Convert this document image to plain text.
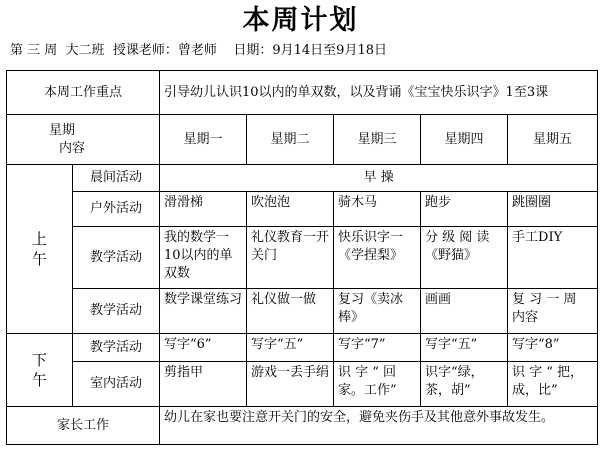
本周计划
第 三 周 大二班 授课老师：曾老师 日期：9月14日至9月18日
本周工作重点		引导幼儿认识10以内的单双数，以及背诵《宝宝快乐识字》1至3课				

星期
内容		星期一	星期二	星期三	星期四	星期五

上
午	晨间活动	早 操				
	户外活动	滑滑梯	吹泡泡	骑木马	跑步	跳圈圈
	教学活动	我的数学一10以内的单双数	礼仪教育一开关门	快乐识字一《学捏梨》	分 级 阅 读《野猫》	手工DIY
	教学活动	数学课堂练习	礼仪做一做	复习《卖冰棒》	画画	复 习 一 周 内容

下
午	教学活动	写字“6”	写字“五”	写字“7”	写字“五”	写字“8”
	室内活动	剪指甲	游戏一丢手绢	识 字 “ 回家。工作”	识字“绿，茶，胡”	识 字 “ 把，成，比”
家长工作		幼儿在家也要注意开关门的安全，避免夹伤手及其他意外事故发生。				
